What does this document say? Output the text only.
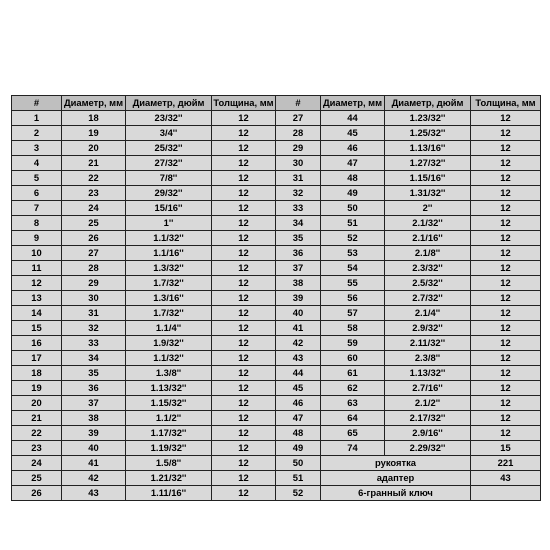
#	Диаметр, мм	Диаметр, дюйм	Толщина, мм	#	Диаметр, мм	Диаметр, дюйм	Толщина, мм
1	18	23/32''	12	27	44	1.23/32''	12
2	19	3/4''	12	28	45	1.25/32''	12
3	20	25/32''	12	29	46	1.13/16''	12
4	21	27/32''	12	30	47	1.27/32''	12
5	22	7/8''	12	31	48	1.15/16''	12
6	23	29/32''	12	32	49	1.31/32''	12
7	24	15/16''	12	33	50	2''	12
8	25	1''	12	34	51	2.1/32''	12
9	26	1.1/32''	12	35	52	2.1/16''	12
10	27	1.1/16''	12	36	53	2.1/8''	12
11	28	1.3/32''	12	37	54	2.3/32''	12
12	29	1.7/32''	12	38	55	2.5/32''	12
13	30	1.3/16''	12	39	56	2.7/32''	12
14	31	1.7/32''	12	40	57	2.1/4''	12
15	32	1.1/4''	12	41	58	2.9/32''	12
16	33	1.9/32''	12	42	59	2.11/32''	12
17	34	1.1/32''	12	43	60	2.3/8''	12
18	35	1.3/8''	12	44	61	1.13/32''	12
19	36	1.13/32''	12	45	62	2.7/16''	12
20	37	1.15/32''	12	46	63	2.1/2''	12
21	38	1.1/2''	12	47	64	2.17/32''	12
22	39	1.17/32''	12	48	65	2.9/16''	12
23	40	1.19/32''	12	49	74	2.29/32''	15
24	41	1.5/8''	12	50	рукоятка		221
25	42	1.21/32''	12	51	адаптер		43
26	43	1.11/16''	12	52	6-гранный ключ		
